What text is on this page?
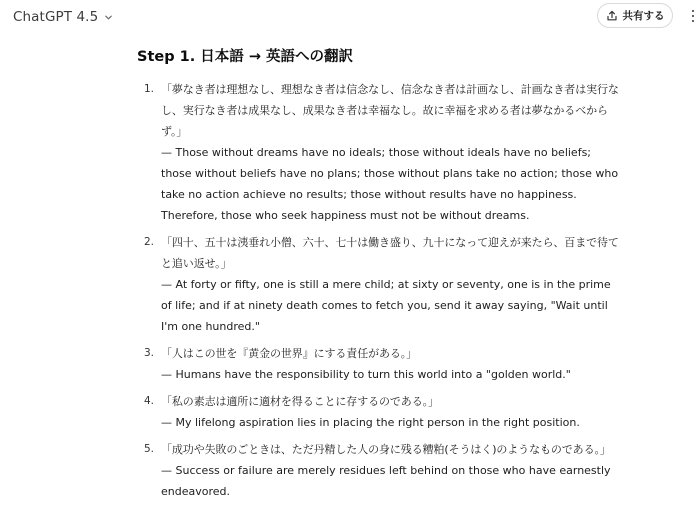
ChatGPT 4.5	共有する
Step 1. 日本語 → 英語への翻訳
1. 「夢なき者は理想なし、理想なき者は信念なし、信念なき者は計画なし、計画なき者は実行なし、実行なき者は成果なし、成果なき者は幸福なし。故に幸福を求める者は夢なかるべからず。」
— Those without dreams have no ideals; those without ideals have no beliefs; those without beliefs have no plans; those without plans take no action; those who take no action achieve no results; those without results have no happiness. Therefore, those who seek happiness must not be without dreams.
2. 「四十、五十は洟垂れ小僧、六十、七十は働き盛り、九十になって迎えが来たら、百まで待てと追い返せ。」
— At forty or fifty, one is still a mere child; at sixty or seventy, one is in the prime of life; and if at ninety death comes to fetch you, send it away saying, "Wait until I'm one hundred."
3. 「人はこの世を『黄金の世界』にする責任がある。」
— Humans have the responsibility to turn this world into a "golden world."
4. 「私の素志は適所に適材を得ることに存するのである。」
— My lifelong aspiration lies in placing the right person in the right position.
5. 「成功や失敗のごときは、ただ丹精した人の身に残る糟粕(そうはく)のようなものである。」
— Success or failure are merely residues left behind on those who have earnestly endeavored.
